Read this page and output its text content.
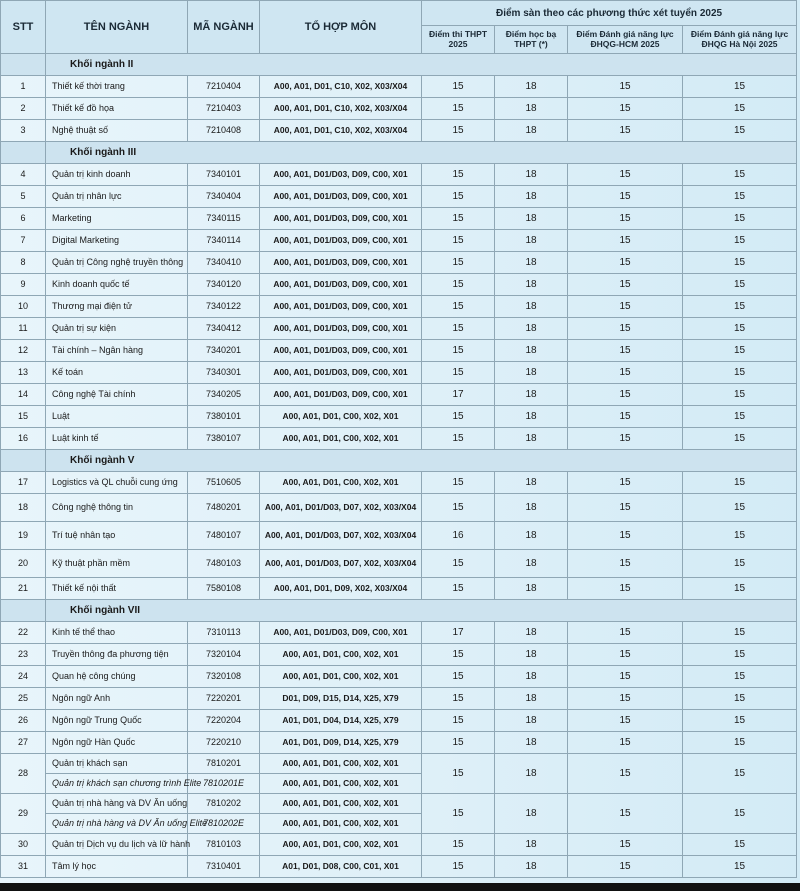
STT	TÊN NGÀNH	MÃ NGÀNH	TỔ HỢP MÔN	Điểm sàn theo các phương thức xét tuyển 2025			
				Điểm thi THPT 2025	Điểm học bạ THPT (*)	Điểm Đánh giá năng lực ĐHQG-HCM 2025	Điểm Đánh giá năng lực ĐHQG Hà Nội 2025
	Khối ngành II						
1	Thiết kế thời trang	7210404	A00, A01, D01, C10, X02, X03/X04	15	18	15	15
2	Thiết kế đồ họa	7210403	A00, A01, D01, C10, X02, X03/X04	15	18	15	15
3	Nghệ thuật số	7210408	A00, A01, D01, C10, X02, X03/X04	15	18	15	15
	Khối ngành III						
4	Quản trị kinh doanh	7340101	A00, A01, D01/D03, D09, C00, X01	15	18	15	15
5	Quản trị nhân lực	7340404	A00, A01, D01/D03, D09, C00, X01	15	18	15	15
6	Marketing	7340115	A00, A01, D01/D03, D09, C00, X01	15	18	15	15
7	Digital Marketing	7340114	A00, A01, D01/D03, D09, C00, X01	15	18	15	15
8	Quản trị Công nghệ truyền thông	7340410	A00, A01, D01/D03, D09, C00, X01	15	18	15	15
9	Kinh doanh quốc tế	7340120	A00, A01, D01/D03, D09, C00, X01	15	18	15	15
10	Thương mại điện tử	7340122	A00, A01, D01/D03, D09, C00, X01	15	18	15	15
11	Quản trị sự kiện	7340412	A00, A01, D01/D03, D09, C00, X01	15	18	15	15
12	Tài chính – Ngân hàng	7340201	A00, A01, D01/D03, D09, C00, X01	15	18	15	15
13	Kế toán	7340301	A00, A01, D01/D03, D09, C00, X01	15	18	15	15
14	Công nghệ Tài chính	7340205	A00, A01, D01/D03, D09, C00, X01	17	18	15	15
15	Luật	7380101	A00, A01, D01, C00, X02, X01	15	18	15	15
16	Luật kinh tế	7380107	A00, A01, D01, C00, X02, X01	15	18	15	15
	Khối ngành V						
17	Logistics và QL chuỗi cung ứng	7510605	A00, A01, D01, C00, X02, X01	15	18	15	15
18	Công nghệ thông tin	7480201	A00, A01, D01/D03, D07, X02, X03/X04	15	18	15	15
19	Trí tuệ nhân tạo	7480107	A00, A01, D01/D03, D07, X02, X03/X04	16	18	15	15
20	Kỹ thuật phần mềm	7480103	A00, A01, D01/D03, D07, X02, X03/X04	15	18	15	15
21	Thiết kế nội thất	7580108	A00, A01, D01, D09, X02, X03/X04	15	18	15	15
	Khối ngành VII						
22	Kinh tế thể thao	7310113	A00, A01, D01/D03, D09, C00, X01	17	18	15	15
23	Truyền thông đa phương tiện	7320104	A00, A01, D01, C00, X02, X01	15	18	15	15
24	Quan hệ công chúng	7320108	A00, A01, D01, C00, X02, X01	15	18	15	15
25	Ngôn ngữ Anh	7220201	D01, D09, D15, D14, X25, X79	15	18	15	15
26	Ngôn ngữ Trung Quốc	7220204	A01, D01, D04, D14, X25, X79	15	18	15	15
27	Ngôn ngữ Hàn Quốc	7220210	A01, D01, D09, D14, X25, X79	15	18	15	15
28	Quản trị khách sạn	7810201	A00, A01, D01, C00, X02, X01	15	18	15	15
	Quản trị khách sạn chương trình Elite	7810201E	A00, A01, D01, C00, X02, X01				
29	Quản trị nhà hàng và DV Ăn uống	7810202	A00, A01, D01, C00, X02, X01	15	18	15	15
	Quản trị nhà hàng và DV Ăn uống Elite	7810202E	A00, A01, D01, C00, X02, X01				
30	Quản trị Dịch vụ du lịch và lữ hành	7810103	A00, A01, D01, C00, X02, X01	15	18	15	15
31	Tâm lý học	7310401	A01, D01, D08, C00, C01, X01	15	18	15	15
